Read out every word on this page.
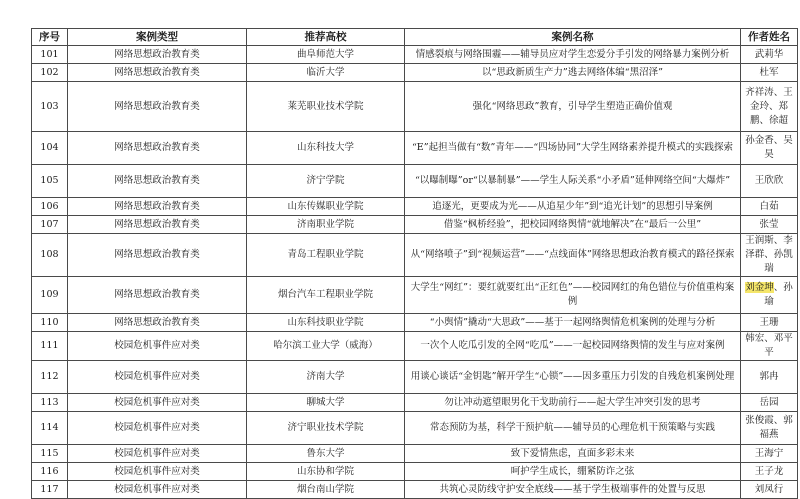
序号	案例类型	推荐高校	案例名称	作者姓名
101	网络思想政治教育类	曲阜师范大学	情感裂痕与网络围霾——辅导员应对学生恋爱分手引发的网络暴力案例分析	武莉华
102	网络思想政治教育类	临沂大学	以“思政新质生产力”逃去网络体编“黑沼泽”	杜军
103	网络思想政治教育类	莱芜职业技术学院	强化“网络思政”教育，引导学生塑造正确价值观	齐祥涛、王金玲、郑鹏、徐超
104	网络思想政治教育类	山东科技大学	“E”起担当做有“数”青年——“四场协同”大学生网络素养提升模式的实践探索	孙金香、吴昊
105	网络思想政治教育类	济宁学院	“以曝制曝”or“以暴制暴”——学生人际关系“小矛盾”延伸网络空间“大爆炸”	王欣欣
106	网络思想政治教育类	山东传媒职业学院	追逐光，更要成为光——从追星少年”到“追光计划”的思想引导案例	白茹
107	网络思想政治教育类	济南职业学院	借鉴“枫桥经验”，把校园网络舆情“就地解决”在“最后一公里”	张莹
108	网络思想政治教育类	青岛工程职业学院	从“网络喷子”到“视频运营”——“点线面体”网络思想政治教育模式的路径探索	王润斯、李泽群、孙凯瑞
109	网络思想政治教育类	烟台汽车工程职业学院	大学生“网红”：要红就要红出“正红色”——校园网红的角色错位与价值重构案例	刘金坤、孙瑜
110	网络思想政治教育类	山东科技职业学院	“小舆情”撬动“大思政”——基于一起网络舆情危机案例的处理与分析	王珊
111	校园危机事件应对类	哈尔滨工业大学（威海）	一次个人吃瓜引发的全网“吃瓜”——一起校园网络舆情的发生与应对案例	韩宏、邓平平
112	校园危机事件应对类	济南大学	用谈心谈话“金钥匙”解开学生“心锁”——因多重压力引发的自残危机案例处理	郭冉
113	校园危机事件应对类	聊城大学	勿让冲动遮望眼男化干戈助前行——起大学生冲突引发的思考	岳园
114	校园危机事件应对类	济宁职业技术学院	常态预防为基，科学干预护航——辅导员的心理危机干预策略与实践	张俊霞、郭福燕
115	校园危机事件应对类	鲁东大学	致下爱情焦虑，直面多彩未来	王海宁
116	校园危机事件应对类	山东协和学院	呵护学生成长，绷紧防诈之弦	王子龙
117	校园危机事件应对类	烟台南山学院	共筑心灵防线守护安全底线——基于学生极端事件的处置与反思	刘凤行
